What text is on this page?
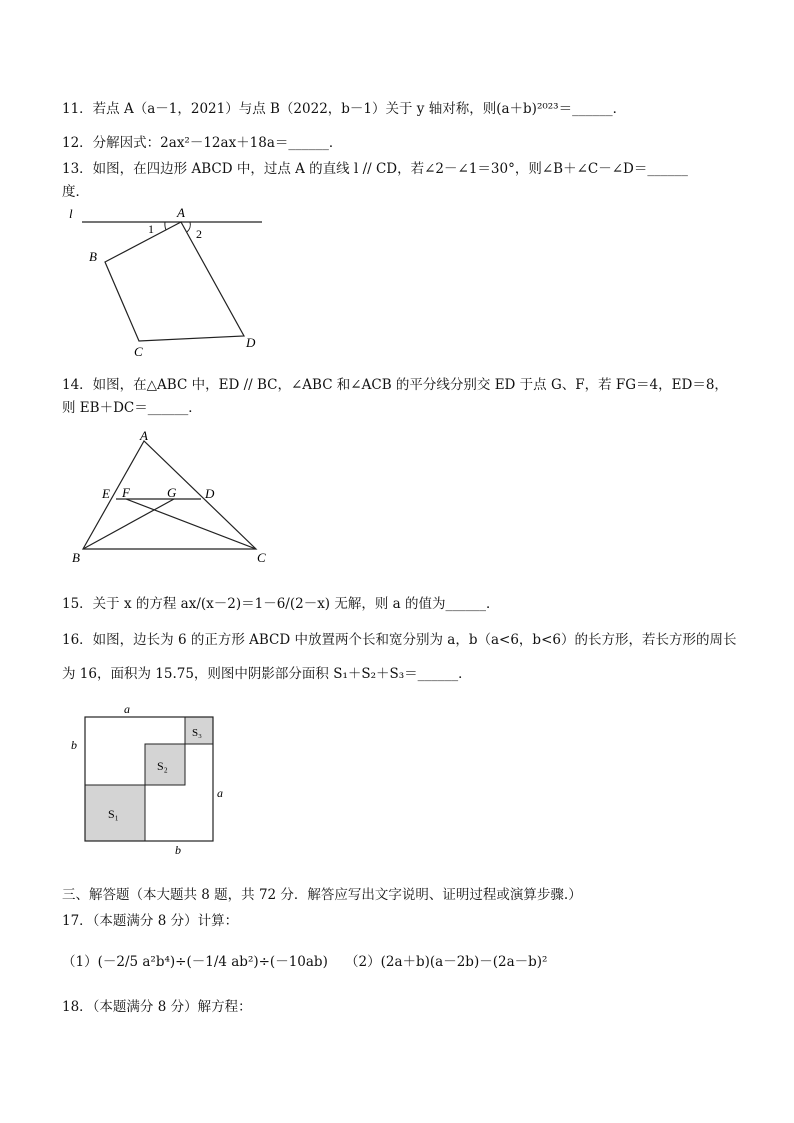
11．若点 A（a－1，2021）与点 B（2022，b－1）关于 y 轴对称，则(a＋b)²⁰²³＝______．
12．分解因式：2ax²－12ax＋18a＝______．
13．如图，在四边形 ABCD 中，过点 A 的直线 l // CD，若∠2－∠1＝30°，则∠B＋∠C－∠D＝______
度．
l	A
1	2
B
C
D
14．如图，在△ABC 中，ED // BC，∠ABC 和∠ACB 的平分线分别交 ED 于点 G、F，若 FG＝4，ED＝8，
则 EB＋DC＝______．
A
E F	G D
B	C
15．关于 x 的方程 ax/(x－2)＝1－6/(2－x) 无解，则 a 的值为______．
16．如图，边长为 6 的正方形 ABCD 中放置两个长和宽分别为 a，b（a<6，b<6）的长方形，若长方形的周长
为 16，面积为 15.75，则图中阴影部分面积 S₁＋S₂＋S₃＝______．
a
b
a
b
S₁
S₂
S₃
三、解答题（本大题共 8 题，共 72 分．解答应写出文字说明、证明过程或演算步骤.）
17．（本题满分 8 分）计算：
（1）(－2/5 a²b⁴)÷(－1/4 ab²)÷(－10ab) （2）(2a＋b)(a－2b)－(2a－b)²
18．（本题满分 8 分）解方程：
